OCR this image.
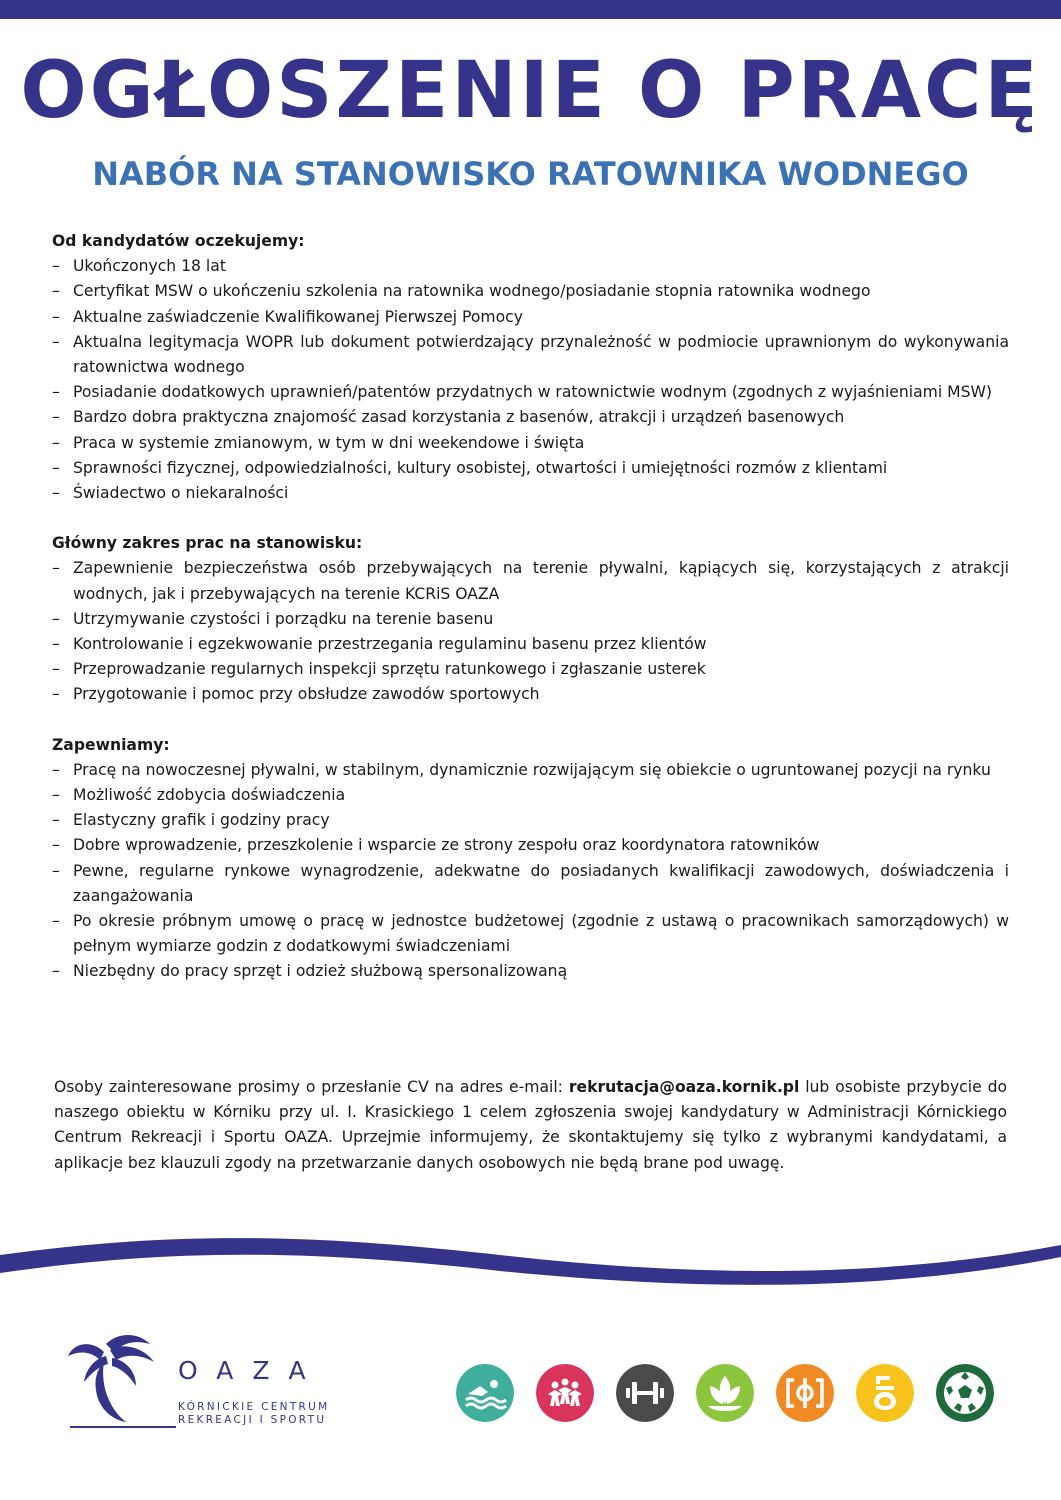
OGŁOSZENIE O PRACĘ
NABÓR NA STANOWISKO RATOWNIKA WODNEGO

Od kandydatów oczekujemy:

– Ukończonych 18 lat
– Certyfikat MSW o ukończeniu szkolenia na ratownika wodnego/posiadanie stopnia ratownika wodnego
– Aktualne zaświadczenie Kwalifikowanej Pierwszej Pomocy
– Aktualna legitymacja WOPR lub dokument potwierdzający przynależność w podmiocie uprawnionym do wykonywania ratownictwa wodnego
– Posiadanie dodatkowych uprawnień/patentów przydatnych w ratownictwie wodnym (zgodnych z wyjaśnieniami MSW)
– Bardzo dobra praktyczna znajomość zasad korzystania z basenów, atrakcji i urządzeń basenowych
– Praca w systemie zmianowym, w tym w dni weekendowe i święta
– Sprawności fizycznej, odpowiedzialności, kultury osobistej, otwartości i umiejętności rozmów z klientami
– Świadectwo o niekaralności

Główny zakres prac na stanowisku:

– Zapewnienie bezpieczeństwa osób przebywających na terenie pływalni, kąpiących się, korzystających z atrakcji wodnych, jak i przebywających na terenie KCRiS OAZA
– Utrzymywanie czystości i porządku na terenie basenu
– Kontrolowanie i egzekwowanie przestrzegania regulaminu basenu przez klientów
– Przeprowadzanie regularnych inspekcji sprzętu ratunkowego i zgłaszanie usterek
– Przygotowanie i pomoc przy obsłudze zawodów sportowych

Zapewniamy:

– Pracę na nowoczesnej pływalni, w stabilnym, dynamicznie rozwijającym się obiekcie o ugruntowanej pozycji na rynku
– Możliwość zdobycia doświadczenia
– Elastyczny grafik i godziny pracy
– Dobre wprowadzenie, przeszkolenie i wsparcie ze strony zespołu oraz koordynatora ratowników
– Pewne, regularne rynkowe wynagrodzenie, adekwatne do posiadanych kwalifikacji zawodowych, doświadczenia i zaangażowania
– Po okresie próbnym umowę o pracę w jednostce budżetowej (zgodnie z ustawą o pracownikach samorządowych) w pełnym wymiarze godzin z dodatkowymi świadczeniami
– Niezbędny do pracy sprzęt i odzież służbową spersonalizowaną

Osoby zainteresowane prosimy o przesłanie CV na adres e-mail: rekrutacja@oaza.kornik.pl lub osobiste przybycie do naszego obiektu w Kórniku przy ul. I. Krasickiego 1 celem zgłoszenia swojej kandydatury w Administracji Kórnickiego Centrum Rekreacji i Sportu OAZA. Uprzejmie informujemy, że skontaktujemy się tylko z wybranymi kandydatami, a aplikacje bez klauzuli zgody na przetwarzanie danych osobowych nie będą brane pod uwagę.

OAZA
KÓRNICKIE CENTRUM
REKREACJI I SPORTU
